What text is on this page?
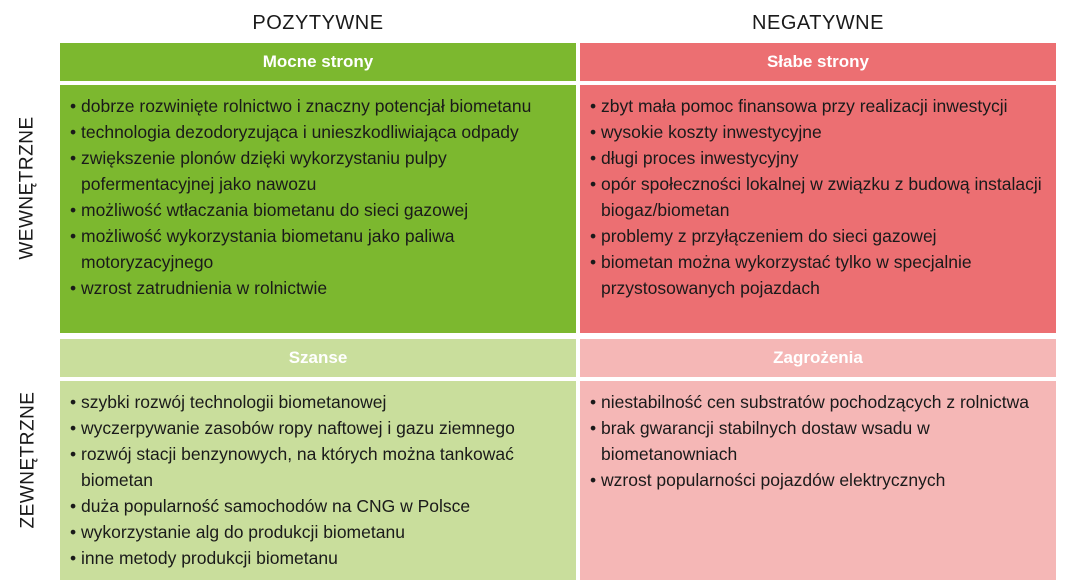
POZYTYWNE	NEGATYWNE
WEWNĘTRZNE
ZEWNĘTRZNE
Mocne strony
• dobrze rozwinięte rolnictwo i znaczny potencjał biometanu
• technologia dezodoryzująca i unieszkodliwiająca odpady
• zwiększenie plonów dzięki wykorzystaniu pulpy pofermentacyjnej jako nawozu
• możliwość wtłaczania biometanu do sieci gazowej
• możliwość wykorzystania biometanu jako paliwa motoryzacyjnego
• wzrost zatrudnienia w rolnictwie
Słabe strony
• zbyt mała pomoc finansowa przy realizacji inwestycji
• wysokie koszty inwestycyjne
• długi proces inwestycyjny
• opór społeczności lokalnej w związku z budową instalacji biogaz/biometan
• problemy z przyłączeniem do sieci gazowej
• biometan można wykorzystać tylko w specjalnie przystosowanych pojazdach
Szanse
• szybki rozwój technologii biometanowej
• wyczerpywanie zasobów ropy naftowej i gazu ziemnego
• rozwój stacji benzynowych, na których można tankować biometan
• duża popularność samochodów na CNG w Polsce
• wykorzystanie alg do produkcji biometanu
• inne metody produkcji biometanu
Zagrożenia
• niestabilność cen substratów pochodzących z rolnictwa
• brak gwarancji stabilnych dostaw wsadu w biometanowniach
• wzrost popularności pojazdów elektrycznych
